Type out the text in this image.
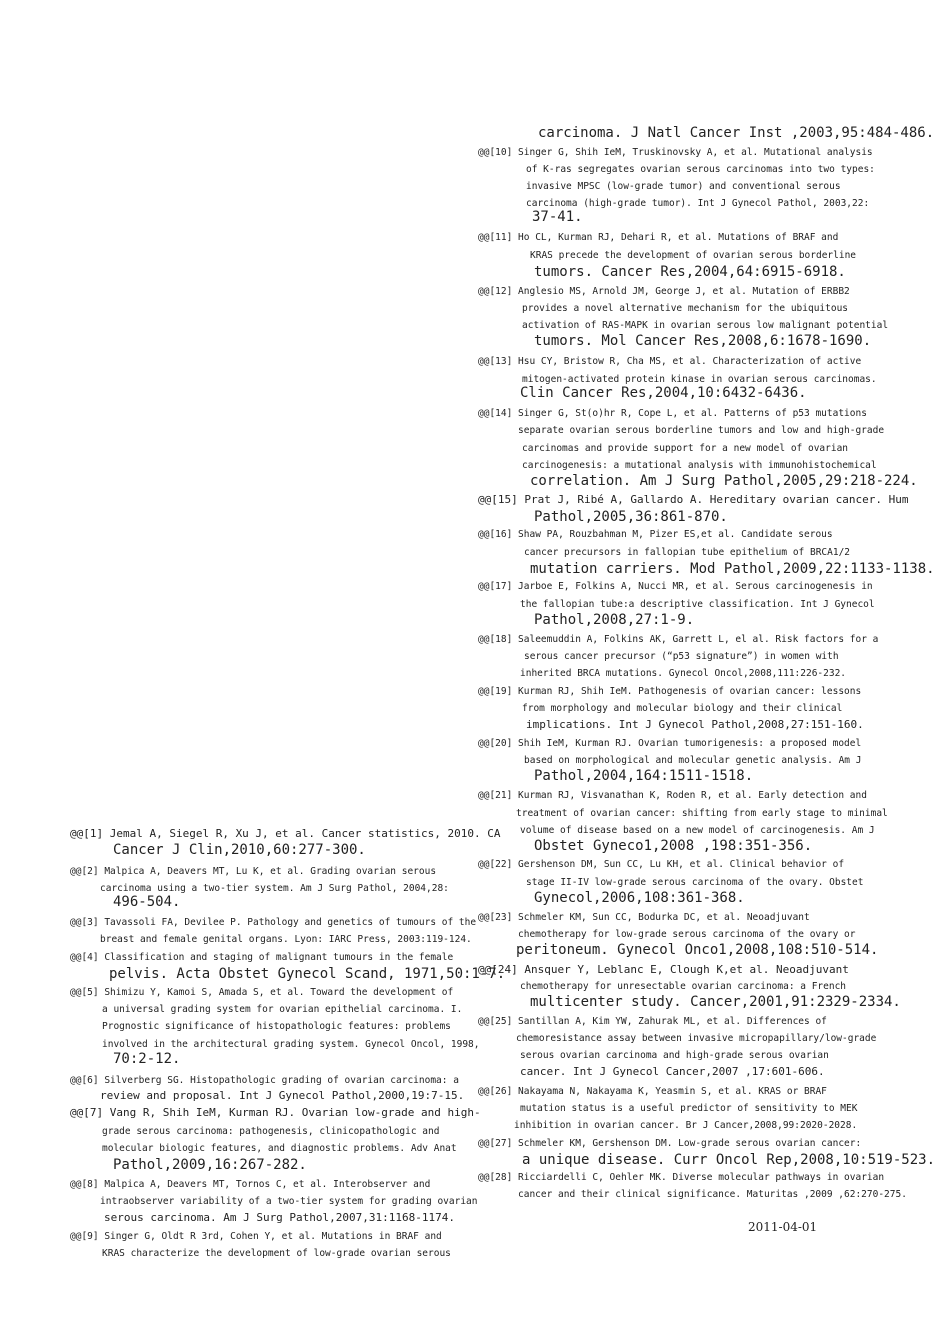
@@[1] Jemal A, Siegel R, Xu J, et al. Cancer statistics, 2010. CA
Cancer J Clin,2010,60:277-300.
@@[2] Malpica A, Deavers MT, Lu K, et al. Grading ovarian serous
carcinoma using a two-tier system. Am J Surg Pathol, 2004,28:
496-504.
@@[3] Tavassoli FA, Devilee P. Pathology and genetics of tumours of the
breast and female genital organs. Lyon: IARC Press, 2003:119-124.
@@[4] Classification and staging of malignant tumours in the female
pelvis. Acta Obstet Gynecol Scand, 1971,50:1-7.
@@[5] Shimizu Y, Kamoi S, Amada S, et al. Toward the development of
a universal grading system for ovarian epithelial carcinoma. I.
Prognostic significance of histopathologic features: problems
involved in the architectural grading system. Gynecol Oncol, 1998,
70:2-12.
@@[6] Silverberg SG. Histopathologic grading of ovarian carcinoma: a
review and proposal. Int J Gynecol Pathol,2000,19:7-15.
@@[7] Vang R, Shih IeM, Kurman RJ. Ovarian low-grade and high-
grade serous carcinoma: pathogenesis, clinicopathologic and
molecular biologic features, and diagnostic problems. Adv Anat
Pathol,2009,16:267-282.
@@[8] Malpica A, Deavers MT, Tornos C, et al. Interobserver and
intraobserver variability of a two-tier system for grading ovarian
serous carcinoma. Am J Surg Pathol,2007,31:1168-1174.
@@[9] Singer G, Oldt R 3rd, Cohen Y, et al. Mutations in BRAF and
KRAS characterize the development of low-grade ovarian serous
carcinoma. J Natl Cancer Inst ,2003,95:484-486.
@@[10] Singer G, Shih IeM, Truskinovsky A, et al. Mutational analysis
of K-ras segregates ovarian serous carcinomas into two types:
invasive MPSC (low-grade tumor) and conventional serous
carcinoma (high-grade tumor). Int J Gynecol Pathol, 2003,22:
37-41.
@@[11] Ho CL, Kurman RJ, Dehari R, et al. Mutations of BRAF and
KRAS precede the development of ovarian serous borderline
tumors. Cancer Res,2004,64:6915-6918.
@@[12] Anglesio MS, Arnold JM, George J, et al. Mutation of ERBB2
provides a novel alternative mechanism for the ubiquitous
activation of RAS-MAPK in ovarian serous low malignant potential
tumors. Mol Cancer Res,2008,6:1678-1690.
@@[13] Hsu CY, Bristow R, Cha MS, et al. Characterization of active
mitogen-activated protein kinase in ovarian serous carcinomas.
Clin Cancer Res,2004,10:6432-6436.
@@[14] Singer G, St(o)hr R, Cope L, et al. Patterns of p53 mutations
separate ovarian serous borderline tumors and low and high-grade
carcinomas and provide support for a new model of ovarian
carcinogenesis: a mutational analysis with immunohistochemical
correlation. Am J Surg Pathol,2005,29:218-224.
@@[15] Prat J, Ribé A, Gallardo A. Hereditary ovarian cancer. Hum
Pathol,2005,36:861-870.
@@[16] Shaw PA, Rouzbahman M, Pizer ES,et al. Candidate serous
cancer precursors in fallopian tube epithelium of BRCA1/2
mutation carriers. Mod Pathol,2009,22:1133-1138.
@@[17] Jarboe E, Folkins A, Nucci MR, et al. Serous carcinogenesis in
the fallopian tube:a descriptive classification. Int J Gynecol
Pathol,2008,27:1-9.
@@[18] Saleemuddin A, Folkins AK, Garrett L, el al. Risk factors for a
serous cancer precursor (“p53 signature”) in women with
inherited BRCA mutations. Gynecol Oncol,2008,111:226-232.
@@[19] Kurman RJ, Shih IeM. Pathogenesis of ovarian cancer: lessons
from morphology and molecular biology and their clinical
implications. Int J Gynecol Pathol,2008,27:151-160.
@@[20] Shih IeM, Kurman RJ. Ovarian tumorigenesis: a proposed model
based on morphological and molecular genetic analysis. Am J
Pathol,2004,164:1511-1518.
@@[21] Kurman RJ, Visvanathan K, Roden R, et al. Early detection and
treatment of ovarian cancer: shifting from early stage to minimal
volume of disease based on a new model of carcinogenesis. Am J
Obstet Gyneco1,2008 ,198:351-356.
@@[22] Gershenson DM, Sun CC, Lu KH, et al. Clinical behavior of
stage II-IV low-grade serous carcinoma of the ovary. Obstet
Gynecol,2006,108:361-368.
@@[23] Schmeler KM, Sun CC, Bodurka DC, et al. Neoadjuvant
chemotherapy for low-grade serous carcinoma of the ovary or
peritoneum. Gynecol Onco1,2008,108:510-514.
@@[24] Ansquer Y, Leblanc E, Clough K,et al. Neoadjuvant
chemotherapy for unresectable ovarian carcinoma: a French
multicenter study. Cancer,2001,91:2329-2334.
@@[25] Santillan A, Kim YW, Zahurak ML, et al. Differences of
chemoresistance assay between invasive micropapillary/low-grade
serous ovarian carcinoma and high-grade serous ovarian
cancer. Int J Gynecol Cancer,2007 ,17:601-606.
@@[26] Nakayama N, Nakayama K, Yeasmin S, et al. KRAS or BRAF
mutation status is a useful predictor of sensitivity to MEK
inhibition in ovarian cancer. Br J Cancer,2008,99:2020-2028.
@@[27] Schmeler KM, Gershenson DM. Low-grade serous ovarian cancer:
a unique disease. Curr Oncol Rep,2008,10:519-523.
@@[28] Ricciardelli C, Oehler MK. Diverse molecular pathways in ovarian
cancer and their clinical significance. Maturitas ,2009 ,62:270-275.
2011-04-01
